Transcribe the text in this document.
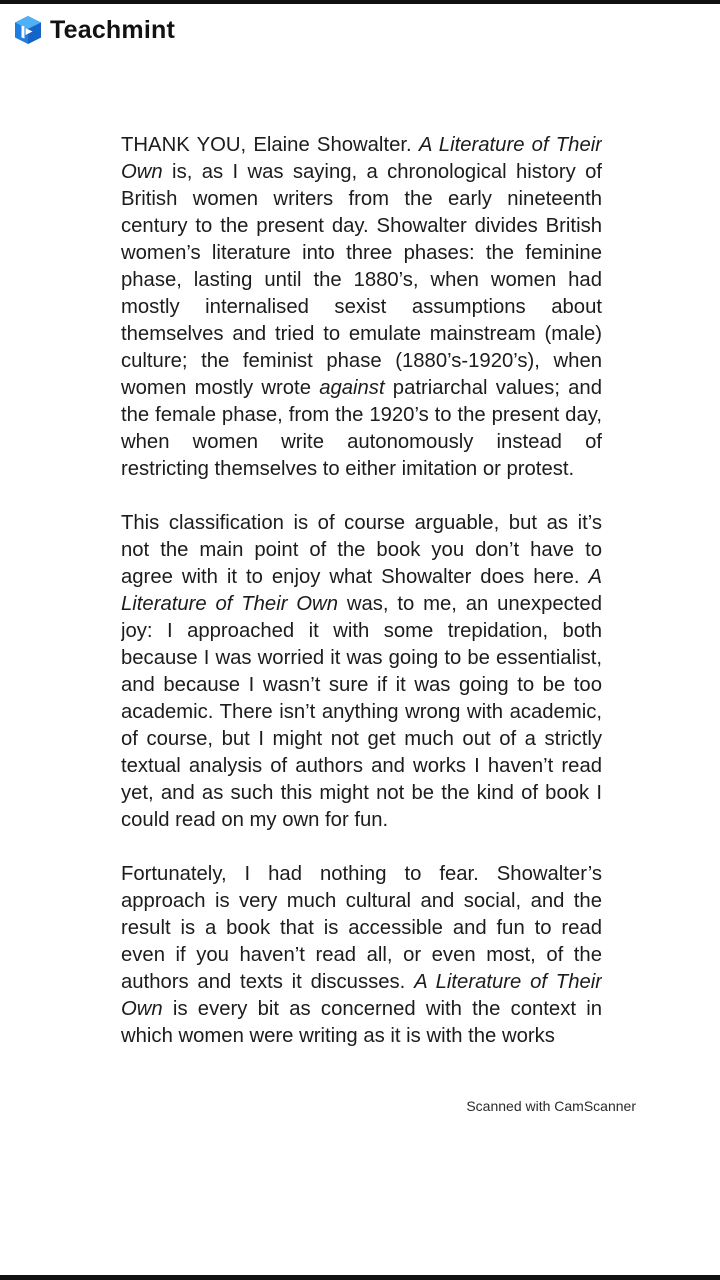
Teachmint

THANK YOU, Elaine Showalter. A Literature of Their Own is, as I was saying, a chronological history of British women writers from the early nineteenth century to the present day. Showalter divides British women’s literature into three phases: the feminine phase, lasting until the 1880’s, when women had mostly internalised sexist assumptions about themselves and tried to emulate mainstream (male) culture; the feminist phase (1880’s-1920’s), when women mostly wrote against patriarchal values; and the female phase, from the 1920’s to the present day, when women write autonomously instead of restricting themselves to either imitation or protest.

This classification is of course arguable, but as it’s not the main point of the book you don’t have to agree with it to enjoy what Showalter does here. A Literature of Their Own was, to me, an unexpected joy: I approached it with some trepidation, both because I was worried it was going to be essentialist, and because I wasn’t sure if it was going to be too academic. There isn’t anything wrong with academic, of course, but I might not get much out of a strictly textual analysis of authors and works I haven’t read yet, and as such this might not be the kind of book I could read on my own for fun.

Fortunately, I had nothing to fear. Showalter’s approach is very much cultural and social, and the result is a book that is accessible and fun to read even if you haven’t read all, or even most, of the authors and texts it discusses. A Literature of Their Own is every bit as concerned with the context in which women were writing as it is with the works

Scanned with CamScanner
